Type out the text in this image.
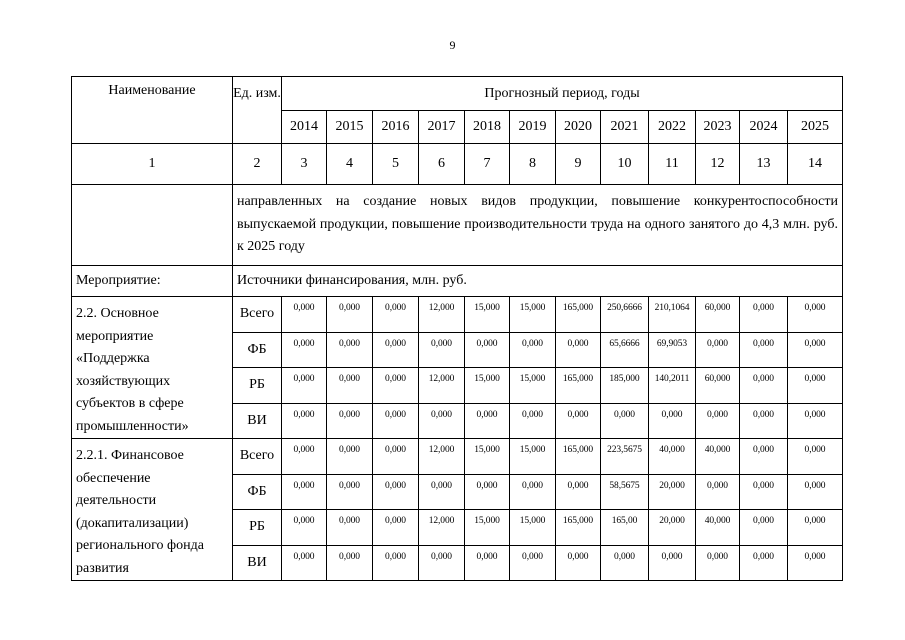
9
Наименование	Ед. изм.	Прогнозный период, годы											
		2014	2015	2016	2017	2018	2019	2020	2021	2022	2023	2024	2025
1	2	3	4	5	6	7	8	9	10	11	12	13	14
	направленных на создание новых видов продукции, повышение конкурентоспособности выпускаемой продукции, повышение производительности труда на одного занятого до 4,3 млн. руб. к 2025 году												
Мероприятие:	Источники финансирования, млн. руб.												
2.2. Основное мероприятие «Поддержка хозяйствующих субъектов в сфере промышленности»	Всего	0,000	0,000	0,000	12,000	15,000	15,000	165,000	250,6666	210,1064	60,000	0,000	0,000
	ФБ	0,000	0,000	0,000	0,000	0,000	0,000	0,000	65,6666	69,9053	0,000	0,000	0,000
	РБ	0,000	0,000	0,000	12,000	15,000	15,000	165,000	185,000	140,2011	60,000	0,000	0,000
	ВИ	0,000	0,000	0,000	0,000	0,000	0,000	0,000	0,000	0,000	0,000	0,000	0,000
2.2.1. Финансовое обеспечение деятельности (докапитализации) регионального фонда развития	Всего	0,000	0,000	0,000	12,000	15,000	15,000	165,000	223,5675	40,000	40,000	0,000	0,000
	ФБ	0,000	0,000	0,000	0,000	0,000	0,000	0,000	58,5675	20,000	0,000	0,000	0,000
	РБ	0,000	0,000	0,000	12,000	15,000	15,000	165,000	165,00	20,000	40,000	0,000	0,000
	ВИ	0,000	0,000	0,000	0,000	0,000	0,000	0,000	0,000	0,000	0,000	0,000	0,000
